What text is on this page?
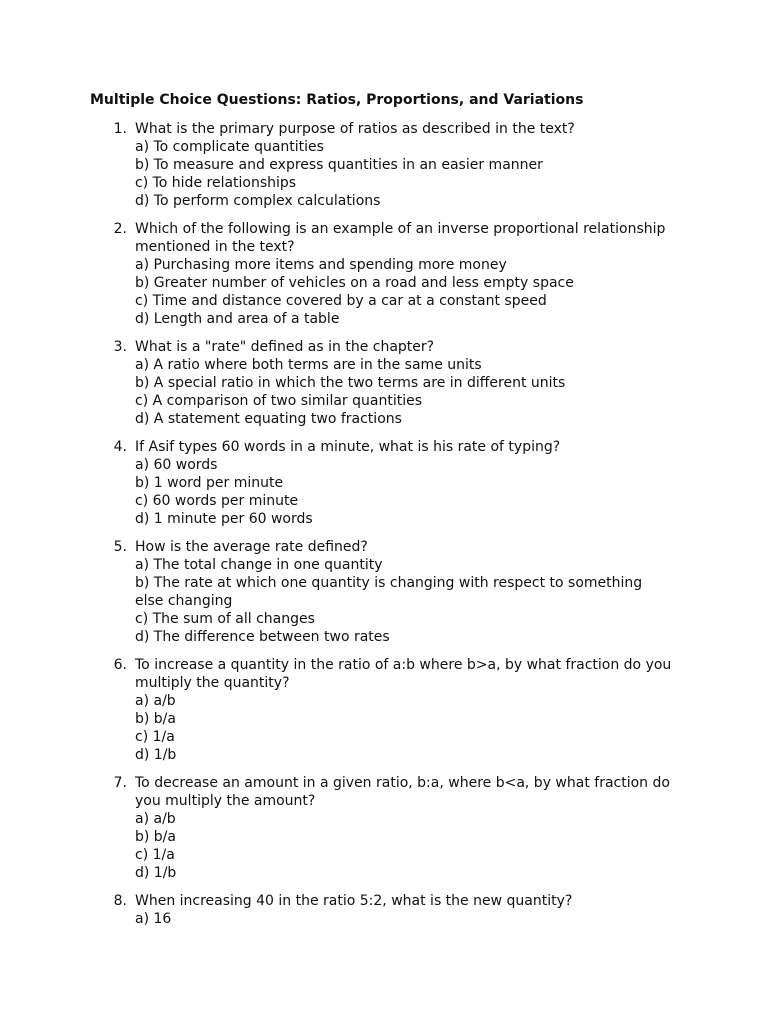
Multiple Choice Questions: Ratios, Proportions, and Variations
1. What is the primary purpose of ratios as described in the text?
a) To complicate quantities
b) To measure and express quantities in an easier manner
c) To hide relationships
d) To perform complex calculations
2. Which of the following is an example of an inverse proportional relationship mentioned in the text?
a) Purchasing more items and spending more money
b) Greater number of vehicles on a road and less empty space
c) Time and distance covered by a car at a constant speed
d) Length and area of a table
3. What is a "rate" defined as in the chapter?
a) A ratio where both terms are in the same units
b) A special ratio in which the two terms are in different units
c) A comparison of two similar quantities
d) A statement equating two fractions
4. If Asif types 60 words in a minute, what is his rate of typing?
a) 60 words
b) 1 word per minute
c) 60 words per minute
d) 1 minute per 60 words
5. How is the average rate defined?
a) The total change in one quantity
b) The rate at which one quantity is changing with respect to something else changing
c) The sum of all changes
d) The difference between two rates
6. To increase a quantity in the ratio of a:b where b>a, by what fraction do you multiply the quantity?
a) a/b
b) b/a
c) 1/a
d) 1/b
7. To decrease an amount in a given ratio, b:a, where b<a, by what fraction do you multiply the amount?
a) a/b
b) b/a
c) 1/a
d) 1/b
8. When increasing 40 in the ratio 5:2, what is the new quantity?
a) 16
